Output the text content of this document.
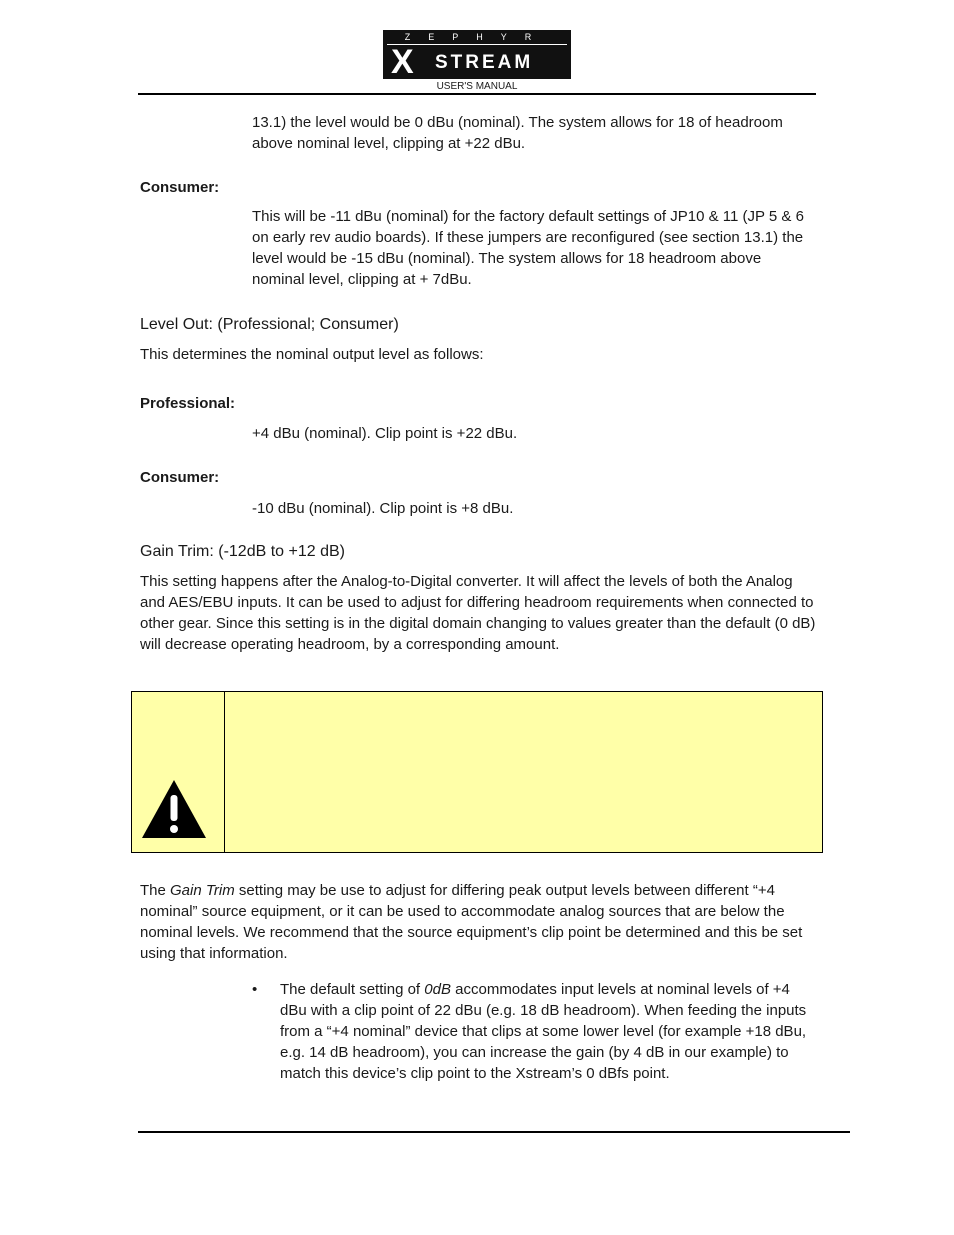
ZEPHYR
X STREAM
USER'S MANUAL
13.1) the level would be 0 dBu (nominal). The system allows for 18 of headroom above nominal level, clipping at +22 dBu.
Consumer:
This will be -11 dBu (nominal) for the factory default settings of JP10 & 11 (JP 5 & 6 on early rev audio boards). If these jumpers are reconfigured (see section 13.1) the level would be -15 dBu (nominal). The system allows for 18 headroom above nominal level, clipping at + 7dBu.
Level Out: (Professional; Consumer)
This determines the nominal output level as follows:
Professional:
+4 dBu (nominal). Clip point is +22 dBu.
Consumer:
-10 dBu (nominal). Clip point is +8 dBu.
Gain Trim: (-12dB to +12 dB)
This setting happens after the Analog-to-Digital converter. It will affect the levels of both the Analog and AES/EBU inputs. It can be used to adjust for differing headroom requirements when connected to other gear. Since this setting is in the digital domain changing to values greater than the default (0 dB) will decrease operating headroom, by a corresponding amount.
The Gain Trim setting may be use to adjust for differing peak output levels between different “+4 nominal” source equipment, or it can be used to accommodate analog sources that are below the nominal levels. We recommend that the source equipment’s clip point be determined and this be set using that information.
• The default setting of 0dB accommodates input levels at nominal levels of +4 dBu with a clip point of 22 dBu (e.g. 18 dB headroom). When feeding the inputs from a “+4 nominal” device that clips at some lower level (for example +18 dBu, e.g. 14 dB headroom), you can increase the gain (by 4 dB in our example) to match this device’s clip point to the Xstream’s 0 dBfs point.
